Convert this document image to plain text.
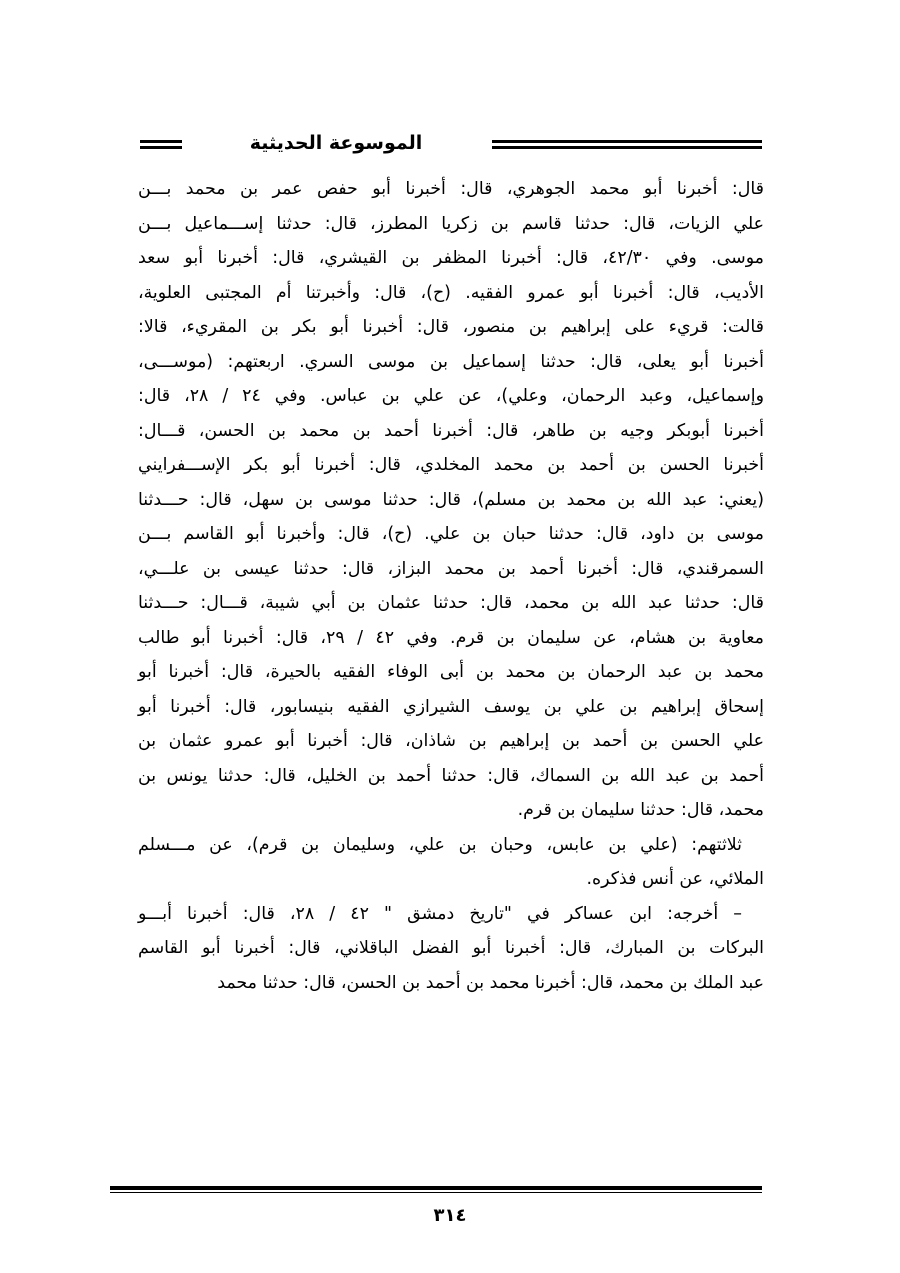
الموسوعة الحديثية

قال: أخبرنا أبو محمد الجوهري، قال: أخبرنا أبو حفص عمر بن محمد بـــن
علي الزيات، قال: حدثنا قاسم بن زكريا المطرز، قال: حدثنا إســـماعيل بـــن
موسى. وفي ٤٢/٣٠، قال: أخبرنا المظفر بن القيشري، قال: أخبرنا أبو سعد
الأديب، قال: أخبرنا أبو عمرو الفقيه. (ح)، قال: وأخبرتنا أم المجتبى العلوية،
قالت: قريء على إبراهيم بن منصور، قال: أخبرنا أبو بكر بن المقريء، قالا:
أخبرنا أبو يعلى، قال: حدثنا إسماعيل بن موسى السري. اربعتهم: (موســـى،
وإسماعيل، وعبد الرحمان، وعلي)، عن علي بن عباس. وفي ٢٤ / ٢٨، قال:
أخبرنا أبوبكر وجيه بن طاهر، قال: أخبرنا أحمد بن محمد بن الحسن، قـــال:
أخبرنا الحسن بن أحمد بن محمد المخلدي، قال: أخبرنا أبو بكر الإســـفرايني
(يعني: عبد الله بن محمد بن مسلم)، قال: حدثنا موسى بن سهل، قال: حـــدثنا
موسى بن داود، قال: حدثنا حبان بن علي. (ح)، قال: وأخبرنا أبو القاسم بـــن
السمرقندي، قال: أخبرنا أحمد بن محمد البزاز، قال: حدثنا عيسى بن علـــي،
قال: حدثنا عبد الله بن محمد، قال: حدثنا عثمان بن أبي شيبة، قـــال: حـــدثنا
معاوية بن هشام، عن سليمان بن قرم. وفي ٤٢ / ٢٩، قال: أخبرنا أبو طالب
محمد بن عبد الرحمان بن محمد بن أبى الوفاء الفقيه بالحيرة، قال: أخبرنا أبو
إسحاق إبراهيم بن علي بن يوسف الشيرازي الفقيه بنيسابور، قال: أخبرنا أبو
علي الحسن بن أحمد بن إبراهيم بن شاذان، قال: أخبرنا أبو عمرو عثمان بن
أحمد بن عبد الله بن السماك، قال: حدثنا أحمد بن الخليل، قال: حدثنا يونس بن
محمد، قال: حدثنا سليمان بن قرم.

ثلاثتهم: (علي بن عابس، وحبان بن علي، وسليمان بن قرم)، عن مـــسلم
الملائي، عن أنس فذكره.

– أخرجه: ابن عساكر في "تاريخ دمشق " ٤٢ / ٢٨، قال: أخبرنا أبـــو
البركات بن المبارك، قال: أخبرنا أبو الفضل الباقلاني، قال: أخبرنا أبو القاسم
عبد الملك بن محمد، قال: أخبرنا محمد بن أحمد بن الحسن، قال: حدثنا محمد

٣١٤
